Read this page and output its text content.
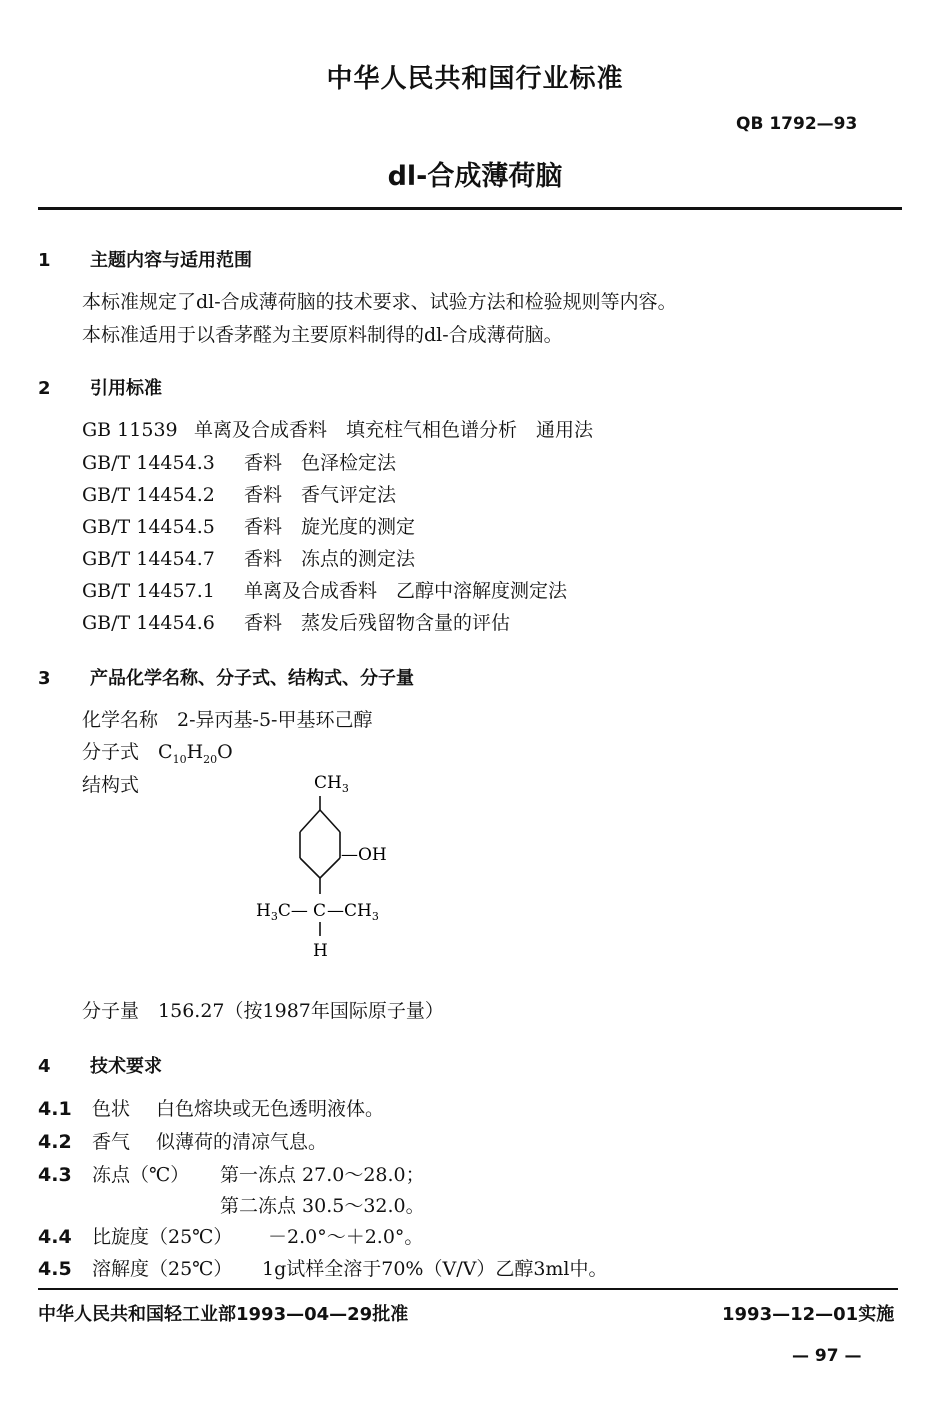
中华人民共和国行业标准
QB 1792—93
dl-合成薄荷脑
1 主题内容与适用范围
本标准规定了dl-合成薄荷脑的技术要求、试验方法和检验规则等内容。
本标准适用于以香茅醛为主要原料制得的dl-合成薄荷脑。
2 引用标准
GB 11539 单离及合成香料　填充柱气相色谱分析　通用法
GB/T 14454.3 香料　色泽检定法
GB/T 14454.2 香料　香气评定法
GB/T 14454.5 香料　旋光度的测定
GB/T 14454.7 香料　冻点的测定法
GB/T 14457.1 单离及合成香料　乙醇中溶解度测定法
GB/T 14454.6 香料　蒸发后残留物含量的评估
3 产品化学名称、分子式、结构式、分子量
化学名称　 2-异丙基-5-甲基环己醇
分子式　 $C_{10}H_{20}O$
结构式	$CH_3$
—OH
$H_3C—$ C $—CH_3$
H
分子量　 156.27（按1987年国际原子量）
4 技术要求
4.1 色状 白色熔块或无色透明液体。
4.2 香气 似薄荷的清凉气息。
4.3 冻点（℃） 第一冻点 27.0～28.0；
第二冻点 30.5～32.0。
4.4 比旋度（25℃） －2.0°～＋2.0°。
4.5 溶解度（25℃） 1g试样全溶于70%（V/V）乙醇3ml中。
中华人民共和国轻工业部1993—04—29批准	1993—12—01实施
— 97 —
